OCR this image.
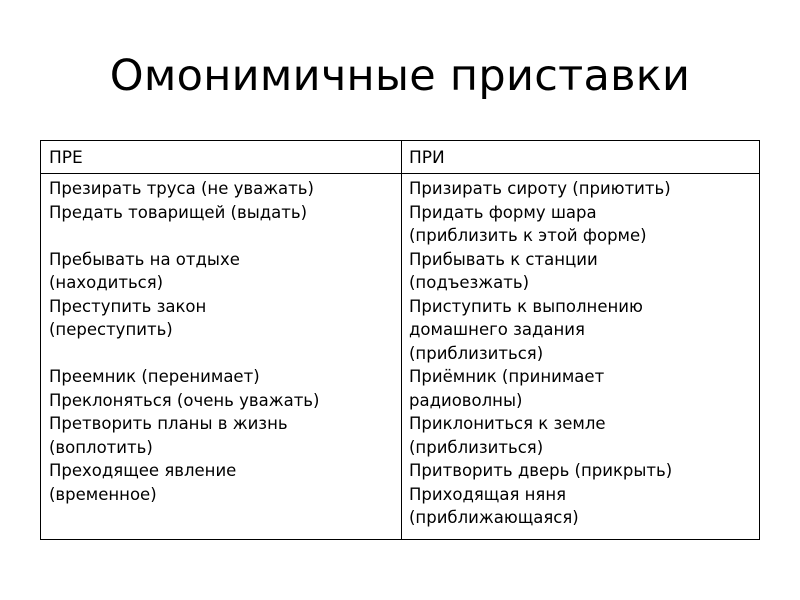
Омонимичные приставки
ПРЕ	ПРИ
Презирать труса (не уважать)
Предать товарищей (выдать)
Пребывать на отдыхе
(находиться)
Преступить закон
(переступить)
Преемник (перенимает)
Преклоняться (очень уважать)
Претворить планы в жизнь
(воплотить)
Преходящее явление
(временное)
Призирать сироту (приютить)
Придать форму шара
(приблизить к этой форме)
Прибывать к станции
(подъезжать)
Приступить к выполнению
домашнего задания
(приблизиться)
Приёмник (принимает
радиоволны)
Приклониться к земле
(приблизиться)
Притворить дверь (прикрыть)
Приходящая няня
(приближающаяся)
